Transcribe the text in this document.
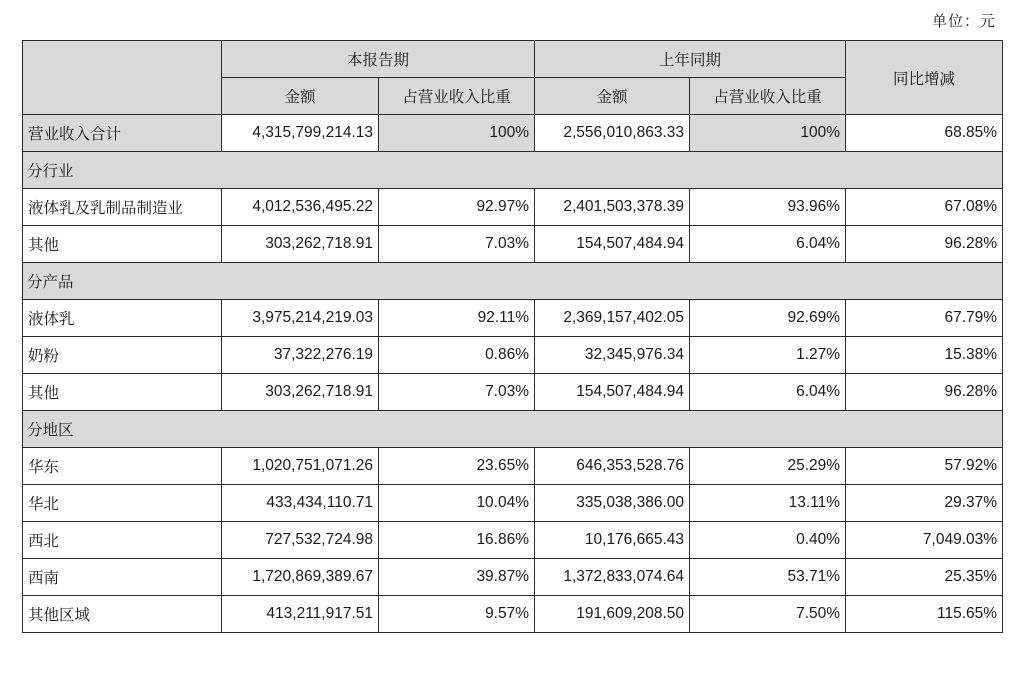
单位：元
	本报告期		上年同期		同比增减
	金额	占营业收入比重	金额	占营业收入比重	
营业收入合计	4,315,799,214.13	100%	2,556,010,863.33	100%	68.85%
分行业					
液体乳及乳制品制造业	4,012,536,495.22	92.97%	2,401,503,378.39	93.96%	67.08%
其他	303,262,718.91	7.03%	154,507,484.94	6.04%	96.28%
分产品					
液体乳	3,975,214,219.03	92.11%	2,369,157,402.05	92.69%	67.79%
奶粉	37,322,276.19	0.86%	32,345,976.34	1.27%	15.38%
其他	303,262,718.91	7.03%	154,507,484.94	6.04%	96.28%
分地区					
华东	1,020,751,071.26	23.65%	646,353,528.76	25.29%	57.92%
华北	433,434,110.71	10.04%	335,038,386.00	13.11%	29.37%
西北	727,532,724.98	16.86%	10,176,665.43	0.40%	7,049.03%
西南	1,720,869,389.67	39.87%	1,372,833,074.64	53.71%	25.35%
其他区域	413,211,917.51	9.57%	191,609,208.50	7.50%	115.65%
